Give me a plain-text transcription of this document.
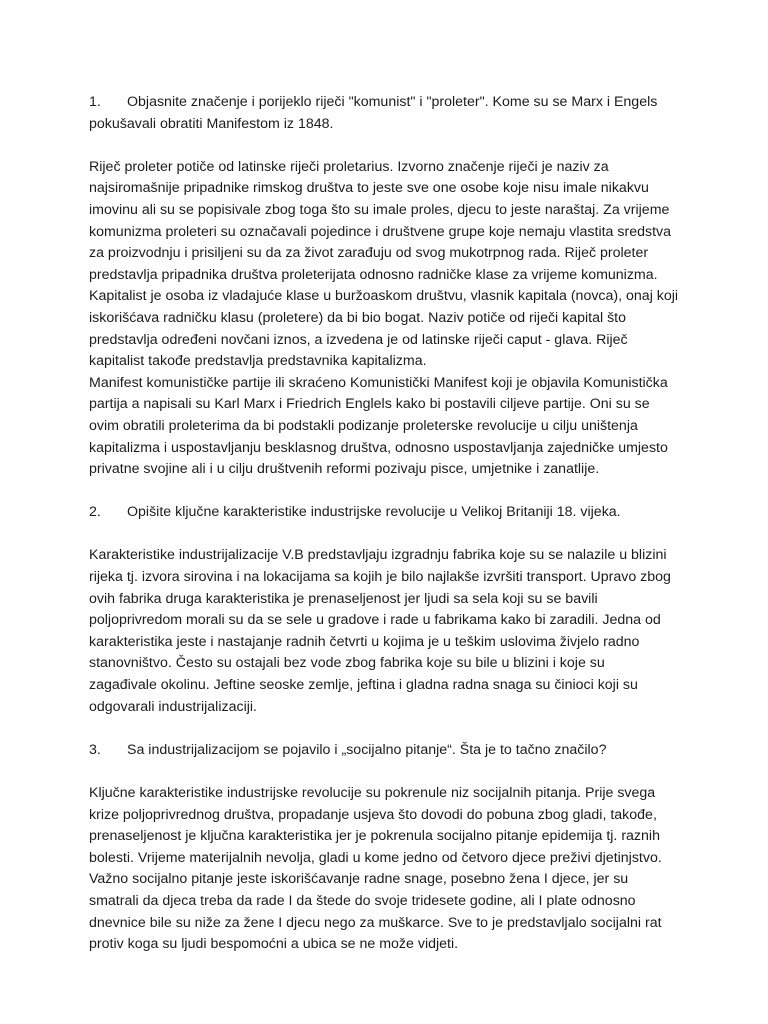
1. Objasnite značenje i porijeklo riječi "komunist" i "proleter". Kome su se Marx i Engels
pokušavali obratiti Manifestom iz 1848.
Riječ proleter potiče od latinske riječi proletarius. Izvorno značenje riječi je naziv za
najsiromašnije pripadnike rimskog društva to jeste sve one osobe koje nisu imale nikakvu
imovinu ali su se popisivale zbog toga što su imale proles, djecu to jeste naraštaj. Za vrijeme
komunizma proleteri su označavali pojedince i društvene grupe koje nemaju vlastita sredstva
za proizvodnju i prisiljeni su da za život zarađuju od svog mukotrpnog rada. Riječ proleter
predstavlja pripadnika društva proleterijata odnosno radničke klase za vrijeme komunizma.
Kapitalist je osoba iz vladajuće klase u buržoaskom društvu, vlasnik kapitala (novca), onaj koji
iskorišćava radničku klasu (proletere) da bi bio bogat. Naziv potiče od riječi kapital što
predstavlja određeni novčani iznos, a izvedena je od latinske riječi caput - glava. Riječ
kapitalist takođe predstavlja predstavnika kapitalizma.
Manifest komunističke partije ili skraćeno Komunistički Manifest koji je objavila Komunistička
partija a napisali su Karl Marx i Friedrich Englels kako bi postavili ciljeve partije. Oni su se
ovim obratili proleterima da bi podstakli podizanje proleterske revolucije u cilju uništenja
kapitalizma i uspostavljanju besklasnog društva, odnosno uspostavljanja zajedničke umjesto
privatne svojine ali i u cilju društvenih reformi pozivaju pisce, umjetnike i zanatlije.
2. Opišite ključne karakteristike industrijske revolucije u Velikoj Britaniji 18. vijeka.
Karakteristike industrijalizacije V.B predstavljaju izgradnju fabrika koje su se nalazile u blizini
rijeka tj. izvora sirovina i na lokacijama sa kojih je bilo najlakše izvršiti transport. Upravo zbog
ovih fabrika druga karakteristika je prenaseljenost jer ljudi sa sela koji su se bavili
poljoprivredom morali su da se sele u gradove i rade u fabrikama kako bi zaradili. Jedna od
karakteristika jeste i nastajanje radnih četvrti u kojima je u teškim uslovima živjelo radno
stanovništvo. Često su ostajali bez vode zbog fabrika koje su bile u blizini i koje su
zagađivale okolinu. Jeftine seoske zemlje, jeftina i gladna radna snaga su činioci koji su
odgovarali industrijalizaciji.
3. Sa industrijalizacijom se pojavilo i „socijalno pitanje“. Šta je to tačno značilo?
Ključne karakteristike industrijske revolucije su pokrenule niz socijalnih pitanja. Prije svega
krize poljoprivrednog društva, propadanje usjeva što dovodi do pobuna zbog gladi, takođe,
prenaseljenost je ključna karakteristika jer je pokrenula socijalno pitanje epidemija tj. raznih
bolesti. Vrijeme materijalnih nevolja, gladi u kome jedno od četvoro djece preživi djetinjstvo.
Važno socijalno pitanje jeste iskorišćavanje radne snage, posebno žena I djece, jer su
smatrali da djeca treba da rade I da štede do svoje tridesete godine, ali I plate odnosno
dnevnice bile su niže za žene I djecu nego za muškarce. Sve to je predstavljalo socijalni rat
protiv koga su ljudi bespomoćni a ubica se ne može vidjeti.
